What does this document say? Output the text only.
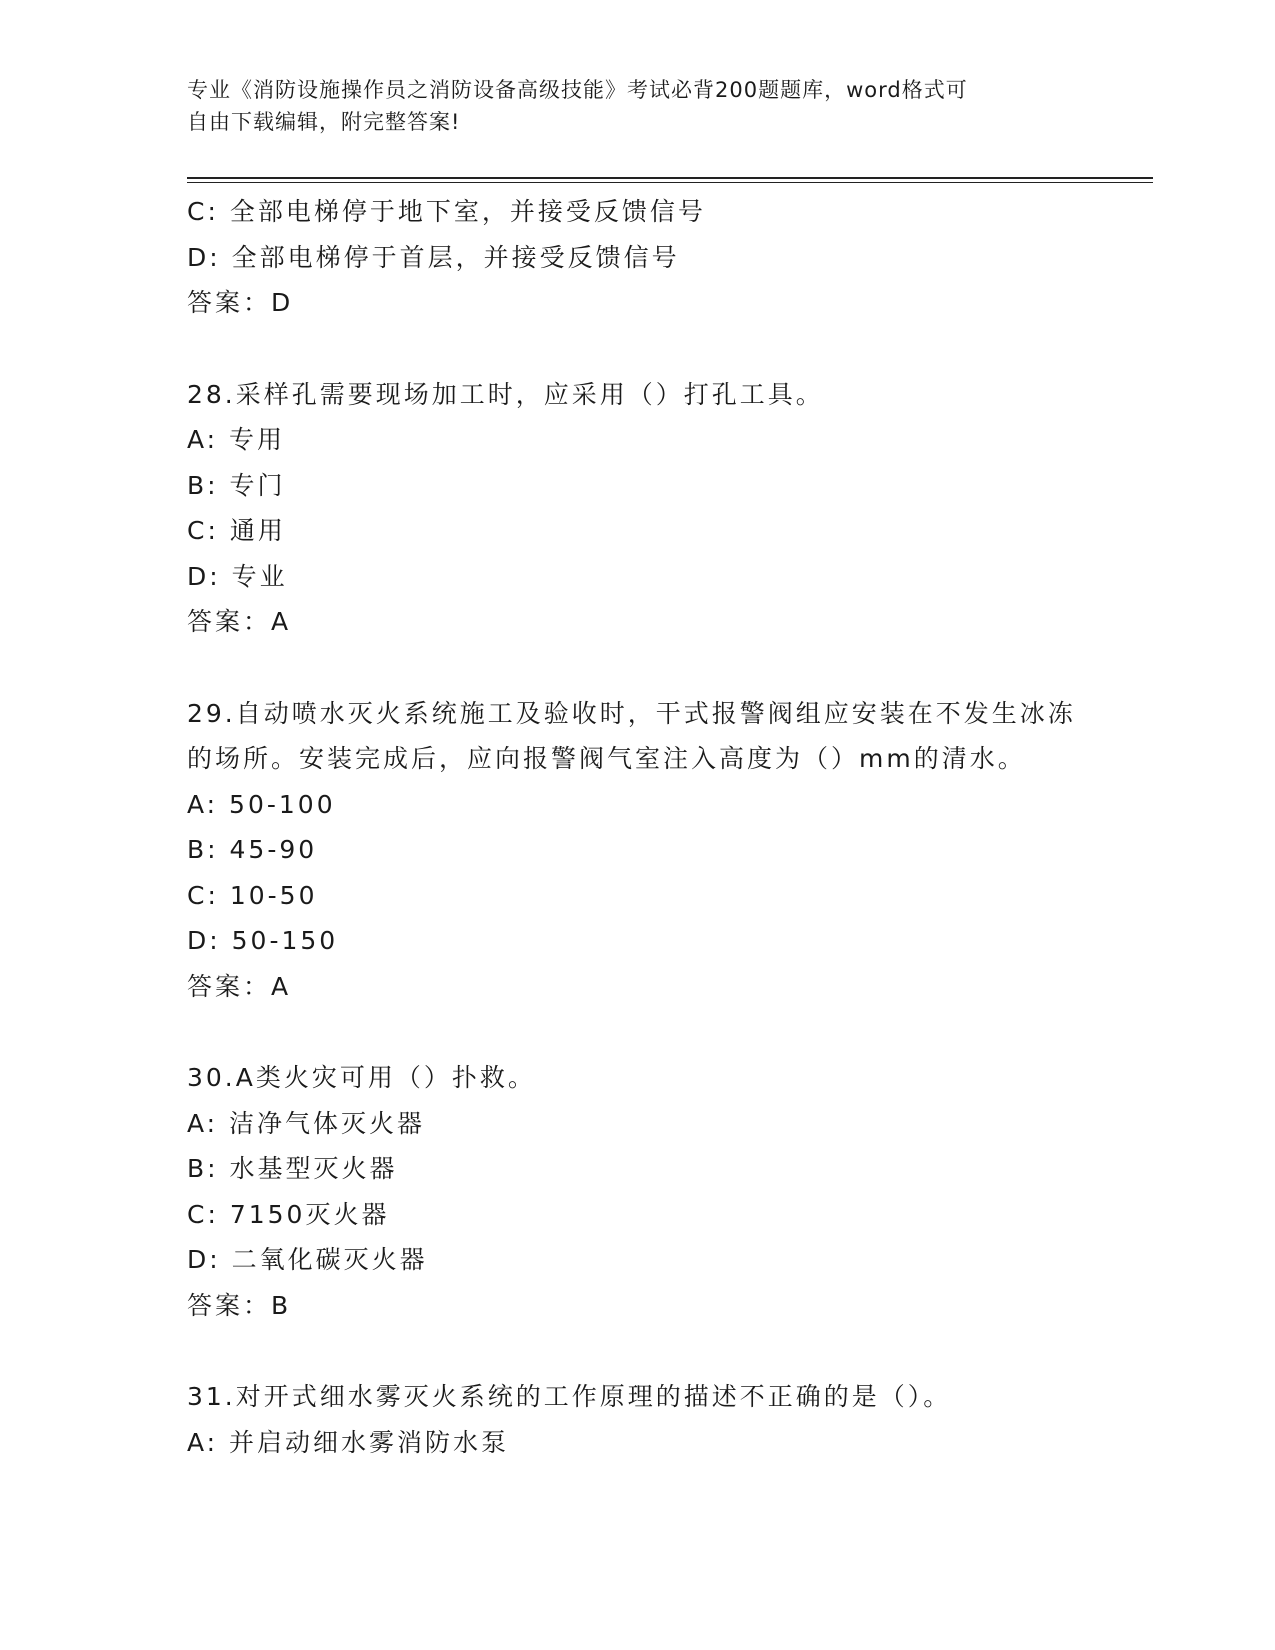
专业《消防设施操作员之消防设备高级技能》考试必背200题题库，word格式可
自由下载编辑，附完整答案!
C: 全部电梯停于地下室，并接受反馈信号
D: 全部电梯停于首层，并接受反馈信号
答案：D
28.采样孔需要现场加工时，应采用（）打孔工具。
A: 专用
B: 专门
C: 通用
D: 专业
答案：A
29.自动喷水灭火系统施工及验收时，干式报警阀组应安装在不发生冰冻的场所。安装完成后，应向报警阀气室注入高度为（）mm的清水。
A: 50-100
B: 45-90
C: 10-50
D: 50-150
答案：A
30.A类火灾可用（）扑救。
A: 洁净气体灭火器
B: 水基型灭火器
C: 7150灭火器
D: 二氧化碳灭火器
答案：B
31.对开式细水雾灭火系统的工作原理的描述不正确的是（）。
A: 并启动细水雾消防水泵
